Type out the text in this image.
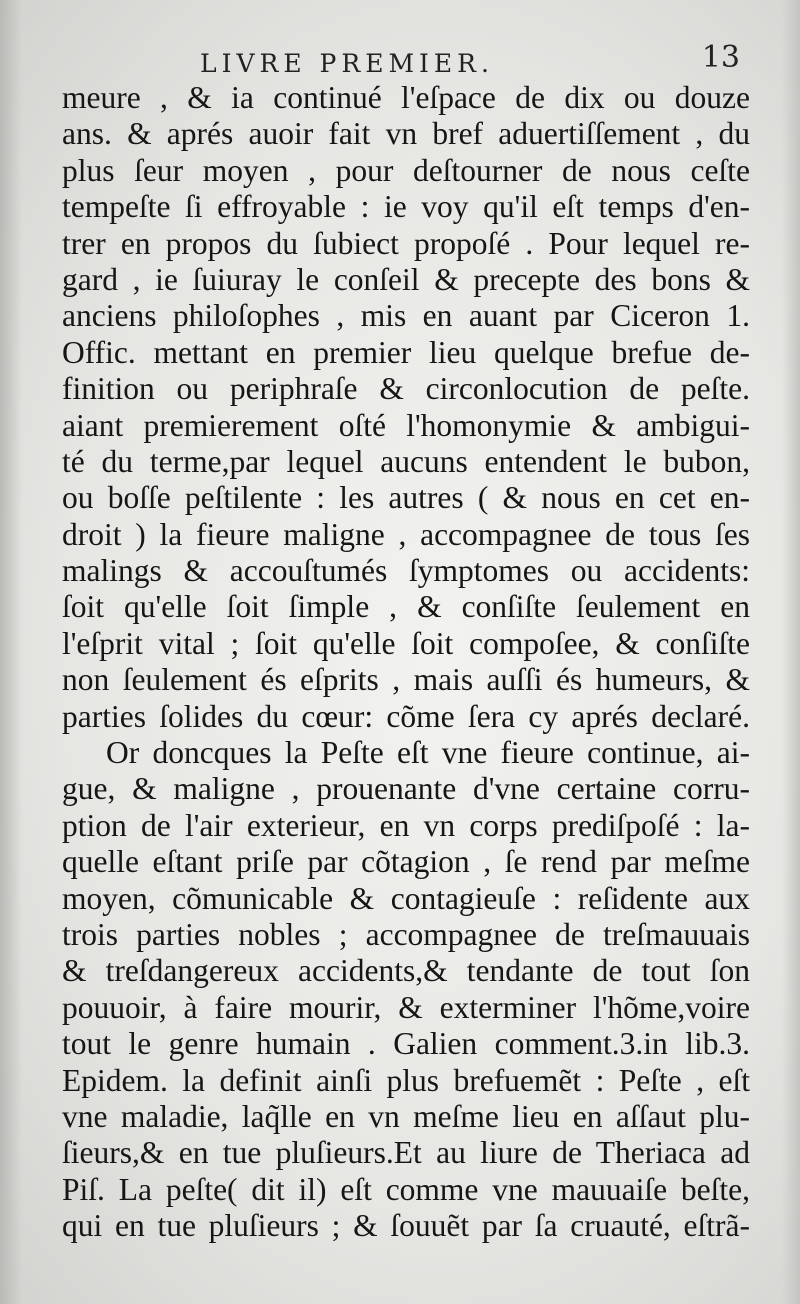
LIVRE PREMIER.	13
meure , & ia continué l'eſpace de dix ou douze
ans. & aprés auoir fait vn bref aduertiſſement , du
plus ſeur moyen , pour deſtourner de nous ceſte
tempeſte ſi effroyable : ie voy qu'il eſt temps d'en-
trer en propos du ſubiect propoſé . Pour lequel re-
gard , ie ſuiuray le conſeil & precepte des bons &
anciens philoſophes , mis en auant par Ciceron 1.
Offic. mettant en premier lieu quelque brefue de-
finition ou periphraſe & circonlocution de peſte.
aiant premierement oſté l'homonymie & ambigui-
té du terme,par lequel aucuns entendent le bubon,
ou boſſe peſtilente : les autres ( & nous en cet en-
droit ) la fieure maligne , accompagnee de tous ſes
malings & accouſtumés ſymptomes ou accidents:
ſoit qu'elle ſoit ſimple , & conſiſte ſeulement en
l'eſprit vital ; ſoit qu'elle ſoit compoſee, & conſiſte
non ſeulement és eſprits , mais auſſi és humeurs, &
parties ſolides du cœur: cõme ſera cy aprés declaré.
Or doncques la Peſte eſt vne fieure continue, ai-
gue, & maligne , prouenante d'vne certaine corru-
ption de l'air exterieur, en vn corps prediſpoſé : la-
quelle eſtant priſe par cõtagion , ſe rend par meſme
moyen, cõmunicable & contagieuſe : reſidente aux
trois parties nobles ; accompagnee de treſmauuais
& treſdangereux accidents,& tendante de tout ſon
pouuoir, à faire mourir, & exterminer l'hõme,voire
tout le genre humain . Galien comment.3.in lib.3.
Epidem. la definit ainſi plus brefuemẽt : Peſte , eſt
vne maladie, laq̃lle en vn meſme lieu en aſſaut plu-
ſieurs,& en tue pluſieurs.Et au liure de Theriaca ad
Piſ. La peſte( dit il) eſt comme vne mauuaiſe beſte,
qui en tue pluſieurs ; & ſouuẽt par ſa cruauté, eſtrã-
